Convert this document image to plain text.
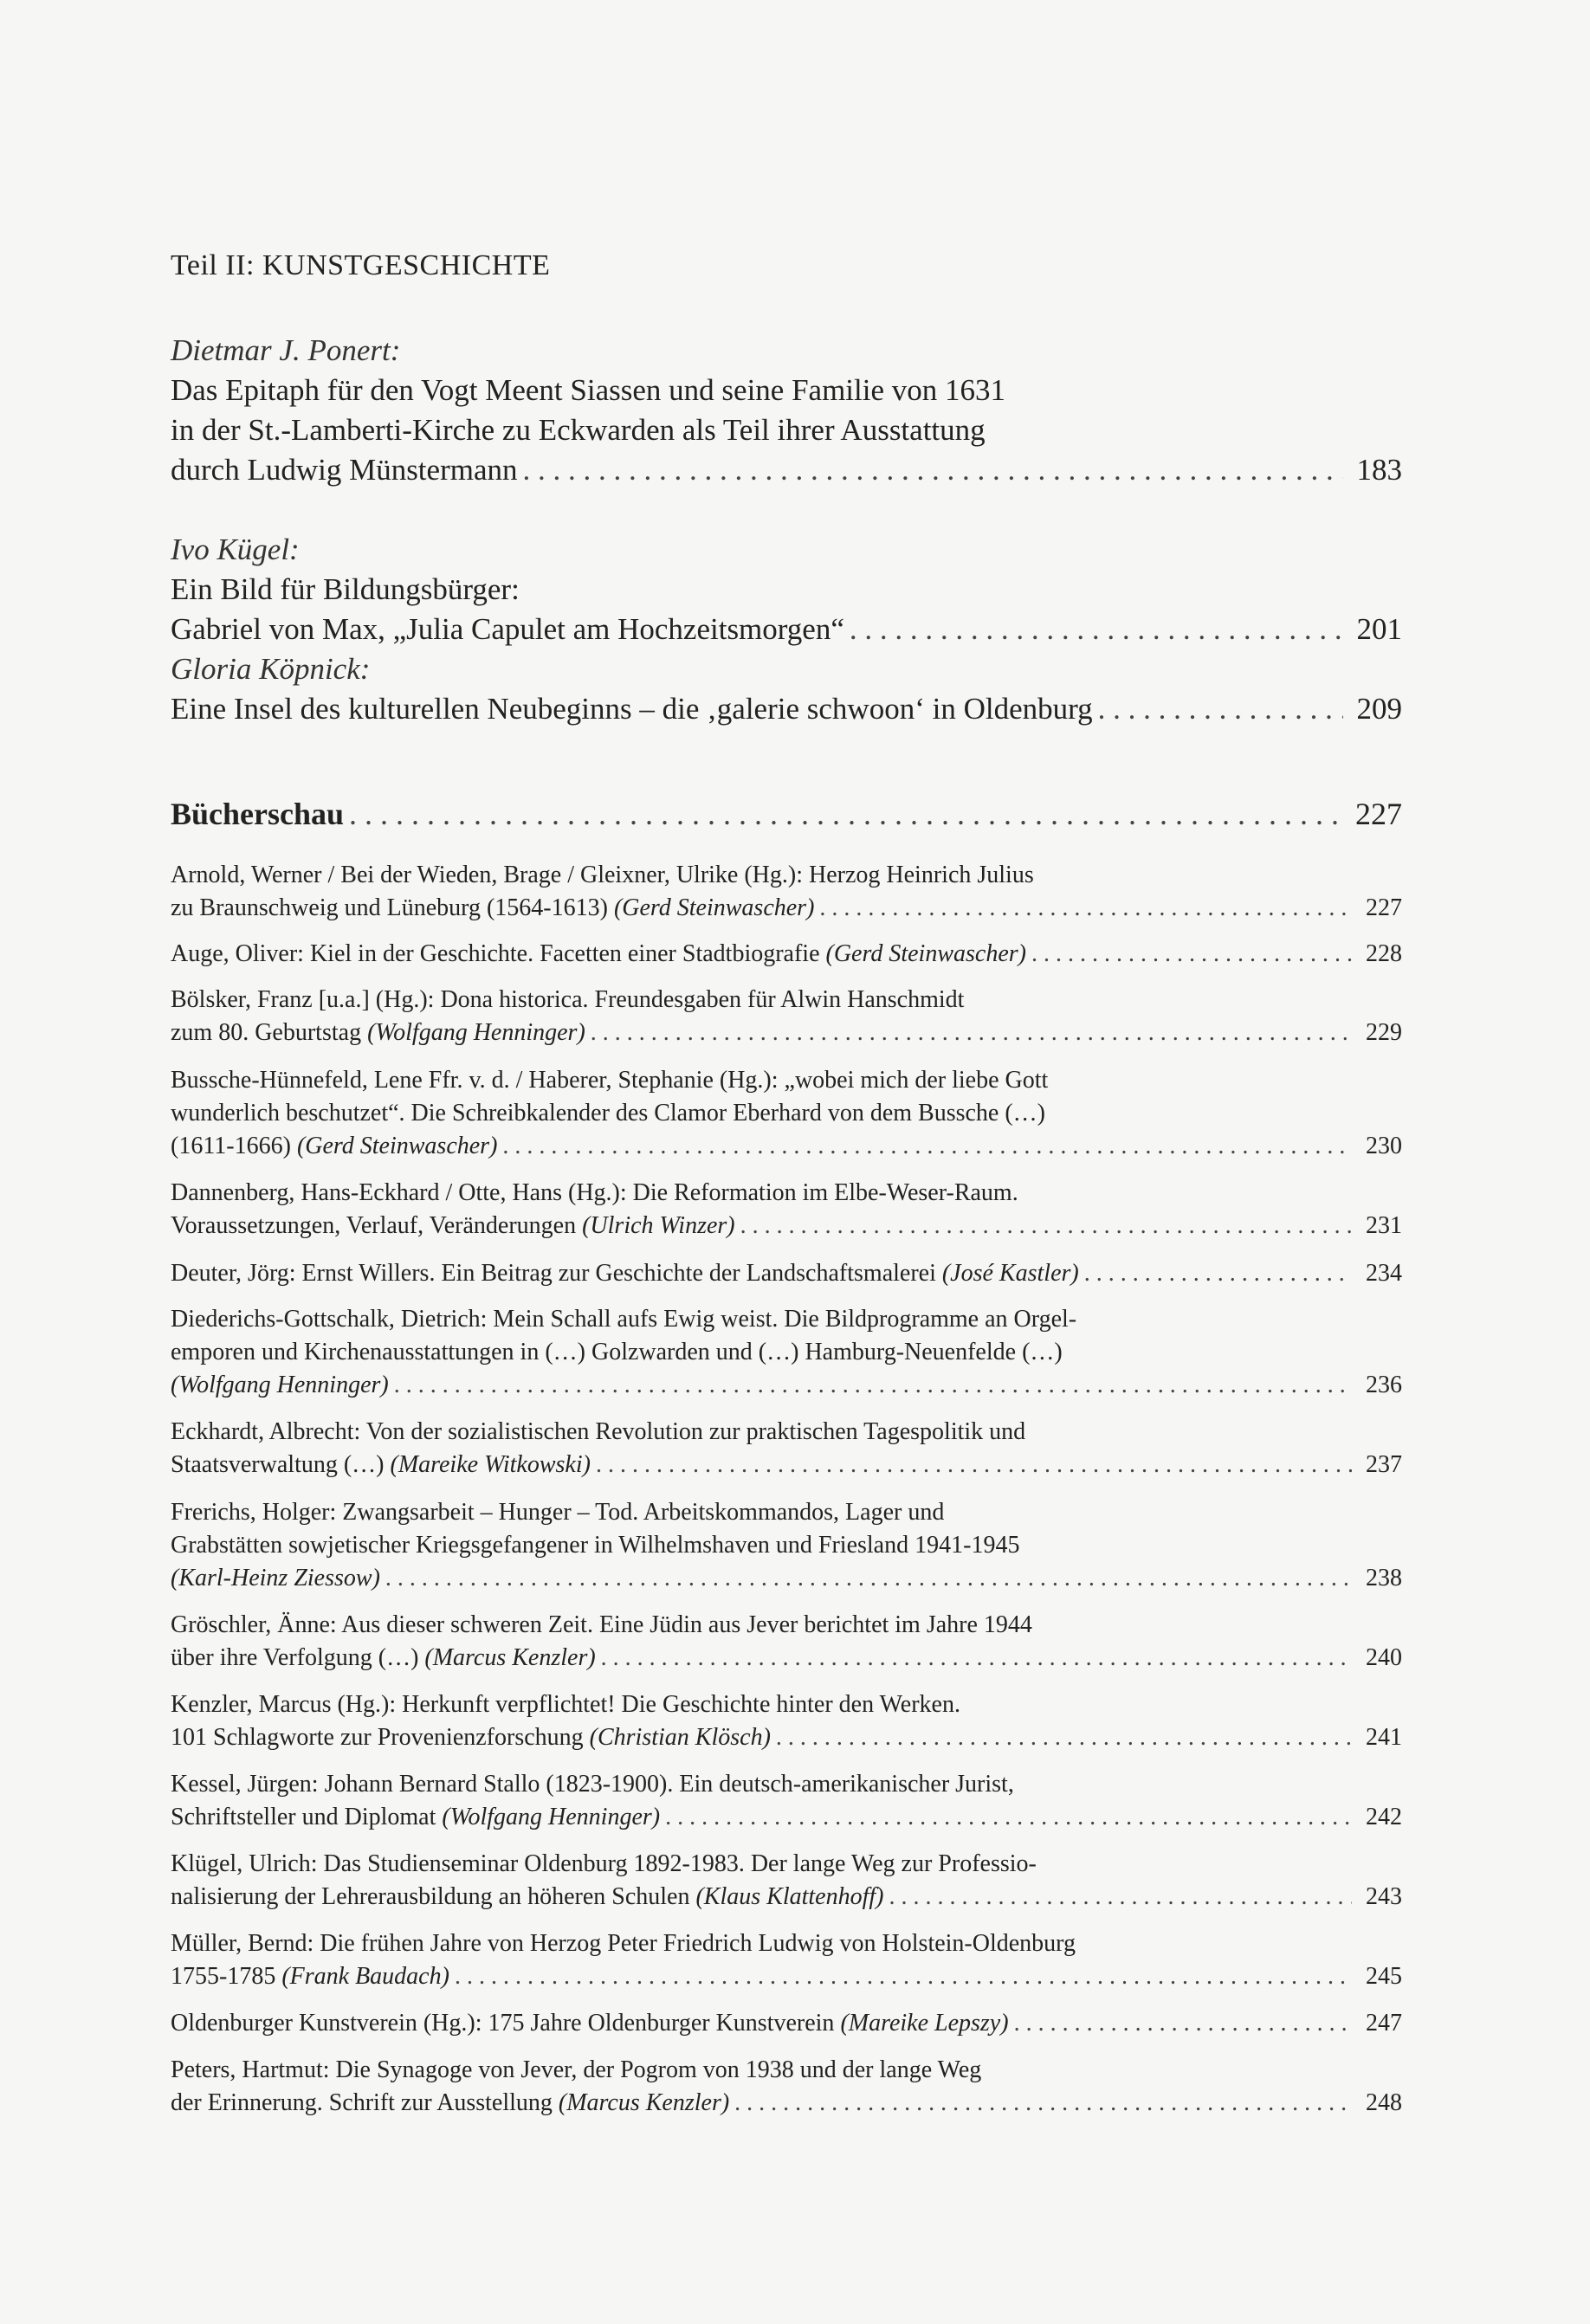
Teil II: KUNSTGESCHICHTE
Dietmar J. Ponert:
Das Epitaph für den Vogt Meent Siassen und seine Familie von 1631
in der St.-Lamberti-Kirche zu Eckwarden als Teil ihrer Ausstattung
durch Ludwig Münstermann . . .	183
Ivo Kügel:
Ein Bild für Bildungsbürger:
Gabriel von Max, „Julia Capulet am Hochzeitsmorgen“ . . .	201
Gloria Köpnick:
Eine Insel des kulturellen Neubeginns – die ‚galerie schwoon‘ in Oldenburg . . .	209
Bücherschau . . .	227
Arnold, Werner / Bei der Wieden, Brage / Gleixner, Ulrike (Hg.): Herzog Heinrich Julius
zu Braunschweig und Lüneburg (1564-1613) (Gerd Steinwascher) . . .	227
Auge, Oliver: Kiel in der Geschichte. Facetten einer Stadtbiografie (Gerd Steinwascher) . . .	228
Bölsker, Franz [u.a.] (Hg.): Dona historica. Freundesgaben für Alwin Hanschmidt
zum 80. Geburtstag (Wolfgang Henninger) . . .	229
Bussche-Hünnefeld, Lene Ffr. v. d. / Haberer, Stephanie (Hg.): „wobei mich der liebe Gott
wunderlich beschutzet“. Die Schreibkalender des Clamor Eberhard von dem Bussche (…)
(1611-1666) (Gerd Steinwascher) . . .	230
Dannenberg, Hans-Eckhard / Otte, Hans (Hg.): Die Reformation im Elbe-Weser-Raum.
Voraussetzungen, Verlauf, Veränderungen (Ulrich Winzer) . . .	231
Deuter, Jörg: Ernst Willers. Ein Beitrag zur Geschichte der Landschaftsmalerei (José Kastler) . . .	234
Diederichs-Gottschalk, Dietrich: Mein Schall aufs Ewig weist. Die Bildprogramme an Orgel-
emporen und Kirchenausstattungen in (…) Golzwarden und (…) Hamburg-Neuenfelde (…)
(Wolfgang Henninger) . . .	236
Eckhardt, Albrecht: Von der sozialistischen Revolution zur praktischen Tagespolitik und
Staatsverwaltung (…) (Mareike Witkowski) . . .	237
Frerichs, Holger: Zwangsarbeit – Hunger – Tod. Arbeitskommandos, Lager und
Grabstätten sowjetischer Kriegsgefangener in Wilhelmshaven und Friesland 1941-1945
(Karl-Heinz Ziessow) . . .	238
Gröschler, Änne: Aus dieser schweren Zeit. Eine Jüdin aus Jever berichtet im Jahre 1944
über ihre Verfolgung (…) (Marcus Kenzler) . . .	240
Kenzler, Marcus (Hg.): Herkunft verpflichtet! Die Geschichte hinter den Werken.
101 Schlagworte zur Provenienzforschung (Christian Klösch) . . .	241
Kessel, Jürgen: Johann Bernard Stallo (1823-1900). Ein deutsch-amerikanischer Jurist,
Schriftsteller und Diplomat (Wolfgang Henninger) . . .	242
Klügel, Ulrich: Das Studienseminar Oldenburg 1892-1983. Der lange Weg zur Professio-
nalisierung der Lehrerausbildung an höheren Schulen (Klaus Klattenhoff) . . .	243
Müller, Bernd: Die frühen Jahre von Herzog Peter Friedrich Ludwig von Holstein-Oldenburg
1755-1785 (Frank Baudach) . . .	245
Oldenburger Kunstverein (Hg.): 175 Jahre Oldenburger Kunstverein (Mareike Lepszy) . . .	247
Peters, Hartmut: Die Synagoge von Jever, der Pogrom von 1938 und der lange Weg
der Erinnerung. Schrift zur Ausstellung (Marcus Kenzler) . . .	248
